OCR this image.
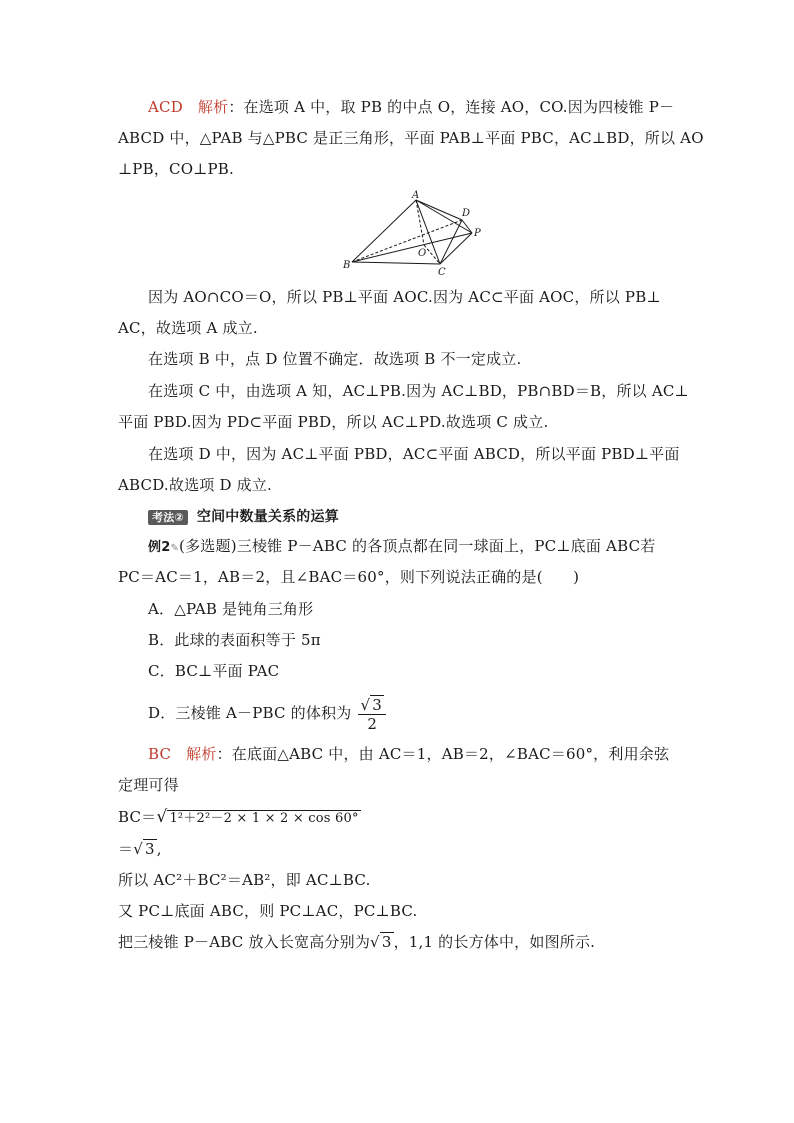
ACD 解析：在选项 A 中，取 PB 的中点 O，连接 AO，CO.因为四棱锥 P－
ABCD 中，△PAB 与△PBC 是正三角形，平面 PAB⊥平面 PBC，AC⊥BD，所以 AO
⊥PB，CO⊥PB.
A
B
C
D
P
O
因为 AO∩CO＝O，所以 PB⊥平面 AOC.因为 AC⊂平面 AOC，所以 PB⊥
AC，故选项 A 成立.
在选项 B 中，点 D 位置不确定．故选项 B 不一定成立.
在选项 C 中，由选项 A 知，AC⊥PB.因为 AC⊥BD，PB∩BD＝B，所以 AC⊥
平面 PBD.因为 PD⊂平面 PBD，所以 AC⊥PD.故选项 C 成立.
在选项 D 中，因为 AC⊥平面 PBD，AC⊂平面 ABCD，所以平面 PBD⊥平面
ABCD.故选项 D 成立.
考法② 空间中数量关系的运算
例2✎(多选题)三棱锥 P－ABC 的各顶点都在同一球面上，PC⊥底面 ABC若
PC＝AC＝1，AB＝2，且∠BAC＝60°，则下列说法正确的是(　　)
A．△PAB 是钝角三角形
B．此球的表面积等于 5π
C．BC⊥平面 PAC
D．三棱锥 A－PBC 的体积为 $\frac{√ 3}{2}$
BC 解析：在底面△ABC 中，由 AC＝1，AB＝2，∠BAC＝60°，利用余弦
定理可得
BC＝√ 1²＋2²－2 × 1 × 2 × cos 60°
＝√ 3 ,
所以 AC²＋BC²＝AB²，即 AC⊥BC.
又 PC⊥底面 ABC，则 PC⊥AC，PC⊥BC.
把三棱锥 P－ABC 放入长宽高分别为√ 3 ，1,1 的长方体中，如图所示.
